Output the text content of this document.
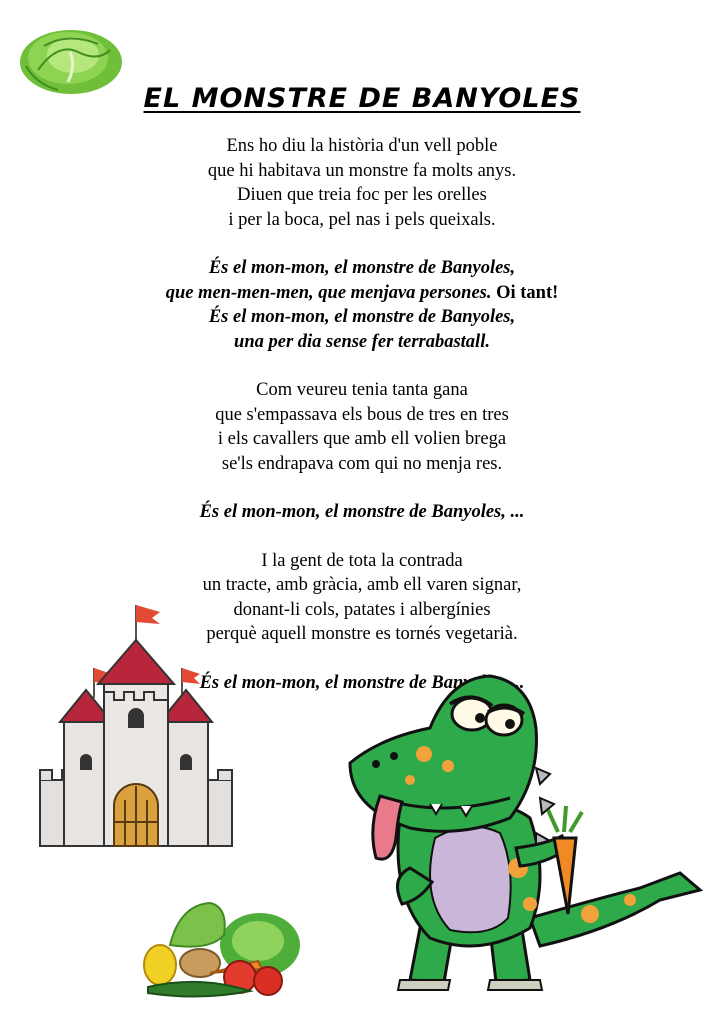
EL MONSTRE DE BANYOLES
Ens ho diu la història d'un vell poble
que hi habitava un monstre fa molts anys.
Diuen que treia foc per les orelles
i per la boca, pel nas i pels queixals.
És el mon-mon, el monstre de Banyoles,
que men-men-men, que menjava persones. Oi tant!
És el mon-mon, el monstre de Banyoles,
una per dia sense fer terrabastall.
Com veureu tenia tanta gana
que s'empassava els bous de tres en tres
i els cavallers que amb ell volien brega
se'ls endrapava com qui no menja res.
És el mon-mon, el monstre de Banyoles, ...
I la gent de tota la contrada
un tracte, amb gràcia, amb ell varen signar,
donant-li cols, patates i albergínies
perquè aquell monstre es tornés vegetarià.
És el mon-mon, el monstre de Banyoles, ...
